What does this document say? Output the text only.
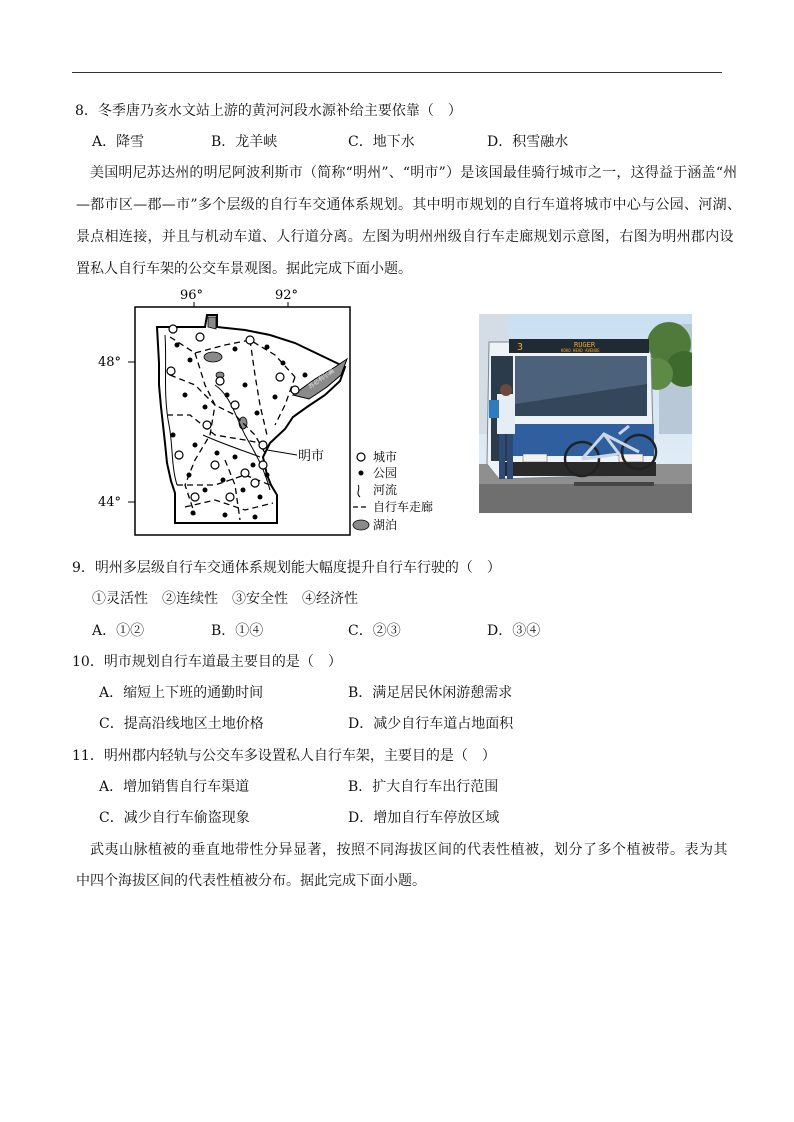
8．冬季唐乃亥水文站上游的黄河河段水源补给主要依靠（　）
A．降雪	B．龙羊峡	C．地下水	D．积雪融水
美国明尼苏达州的明尼阿波利斯市（简称“明州”、“明市”）是该国最佳骑行城市之一，这得益于涵盖“州
—都市区—郡—市”多个层级的自行车交通体系规划。其中明市规划的自行车道将城市中心与公园、河湖、
景点相连接，并且与机动车道、人行道分离。左图为明州州级自行车走廊规划示意图，右图为明州郡内设
置私人自行车架的公交车景观图。据此完成下面小题。
96°	92°
48°
44°
苏必利尔湖
明市	城市
公园
河流
自行车走廊
湖泊
3	RUGER
KOKO HEAD AVENUE
9．明州多层级自行车交通体系规划能大幅度提升自行车行驶的（　）
①灵活性　②连续性　③安全性　④经济性
A．①②	B．①④	C．②③	D．③④
10．明市规划自行车道最主要目的是（　）
A．缩短上下班的通勤时间	B．满足居民休闲游憩需求
C．提高沿线地区土地价格	D．减少自行车道占地面积
11．明州郡内轻轨与公交车多设置私人自行车架，主要目的是（　）
A．增加销售自行车渠道	B．扩大自行车出行范围
C．减少自行车偷盗现象	D．增加自行车停放区域
武夷山脉植被的垂直地带性分异显著，按照不同海拔区间的代表性植被，划分了多个植被带。表为其
中四个海拔区间的代表性植被分布。据此完成下面小题。
